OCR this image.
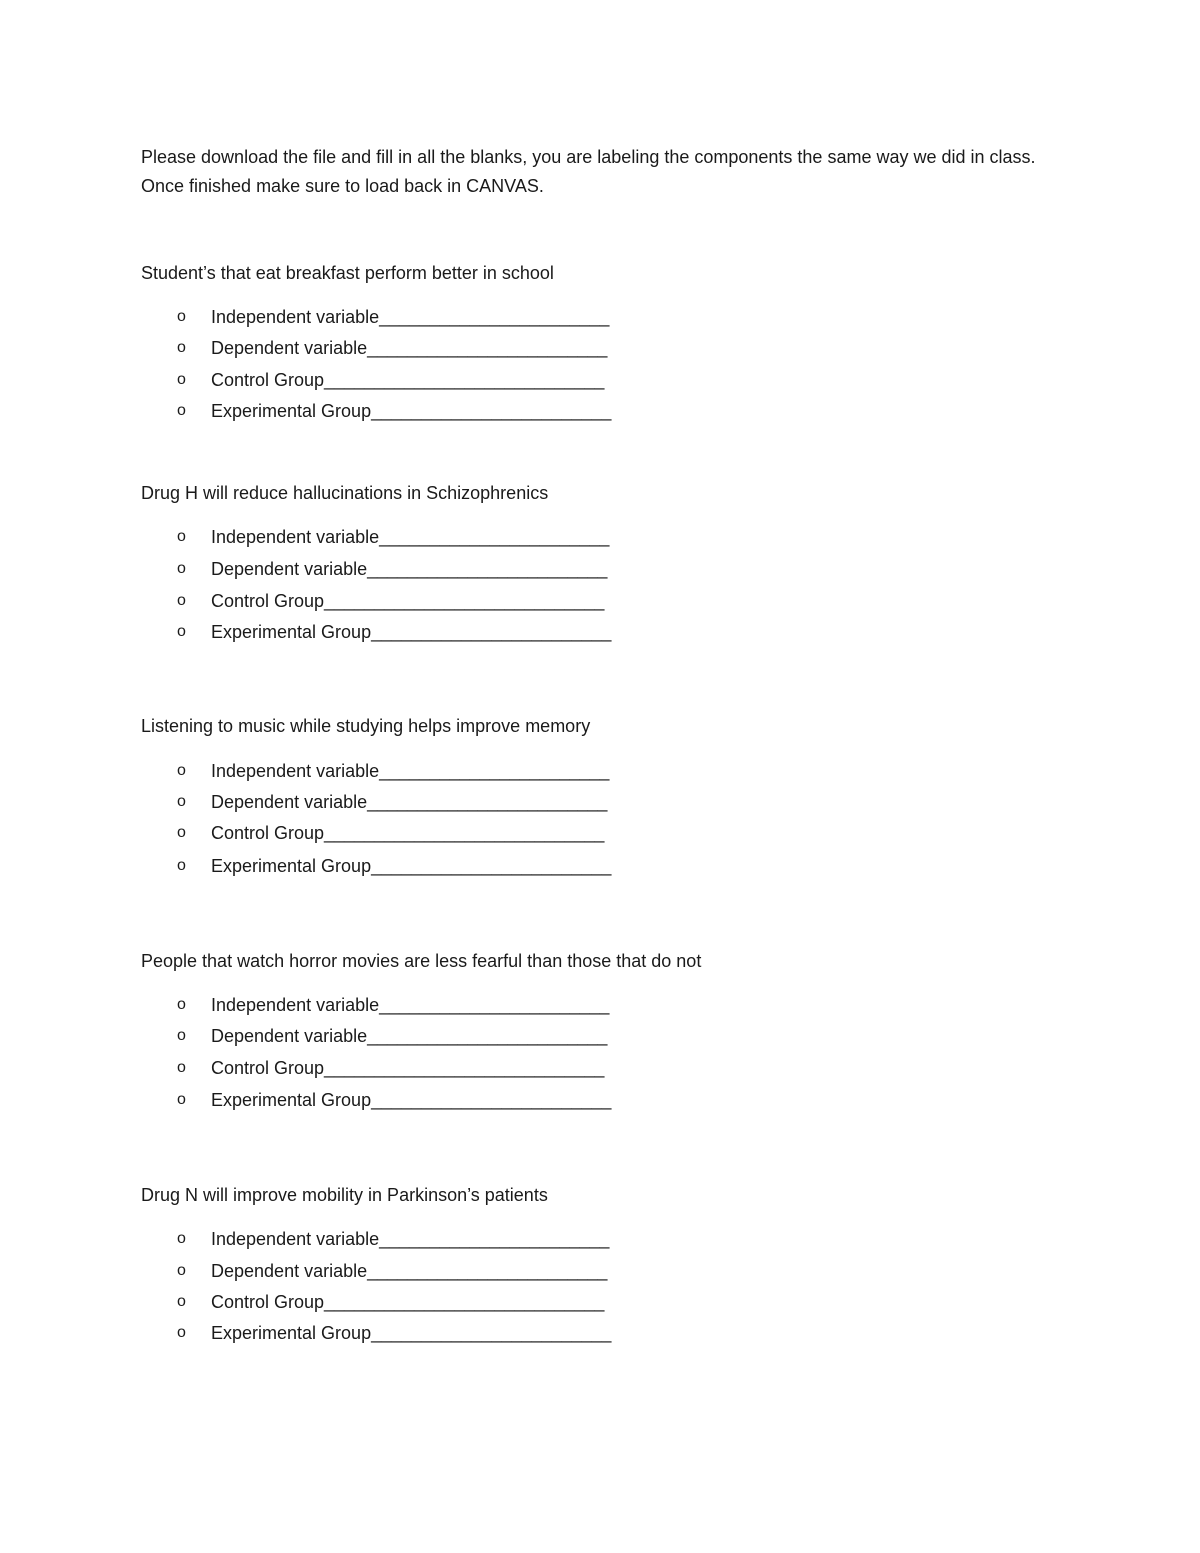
Please download the file and fill in all the blanks, you are labeling the components the same way we did in class. Once finished make sure to load back in CANVAS.

Student’s that eat breakfast perform better in school

o Independent variable_______________________
o Dependent variable________________________
o Control Group____________________________
o Experimental Group________________________

Drug H will reduce hallucinations in Schizophrenics

o Independent variable_______________________
o Dependent variable________________________
o Control Group____________________________
o Experimental Group________________________

Listening to music while studying helps improve memory

o Independent variable_______________________
o Dependent variable________________________
o Control Group____________________________
o Experimental Group________________________

People that watch horror movies are less fearful than those that do not

o Independent variable_______________________
o Dependent variable________________________
o Control Group____________________________
o Experimental Group________________________

Drug N will improve mobility in Parkinson’s patients

o Independent variable_______________________
o Dependent variable________________________
o Control Group____________________________
o Experimental Group________________________
